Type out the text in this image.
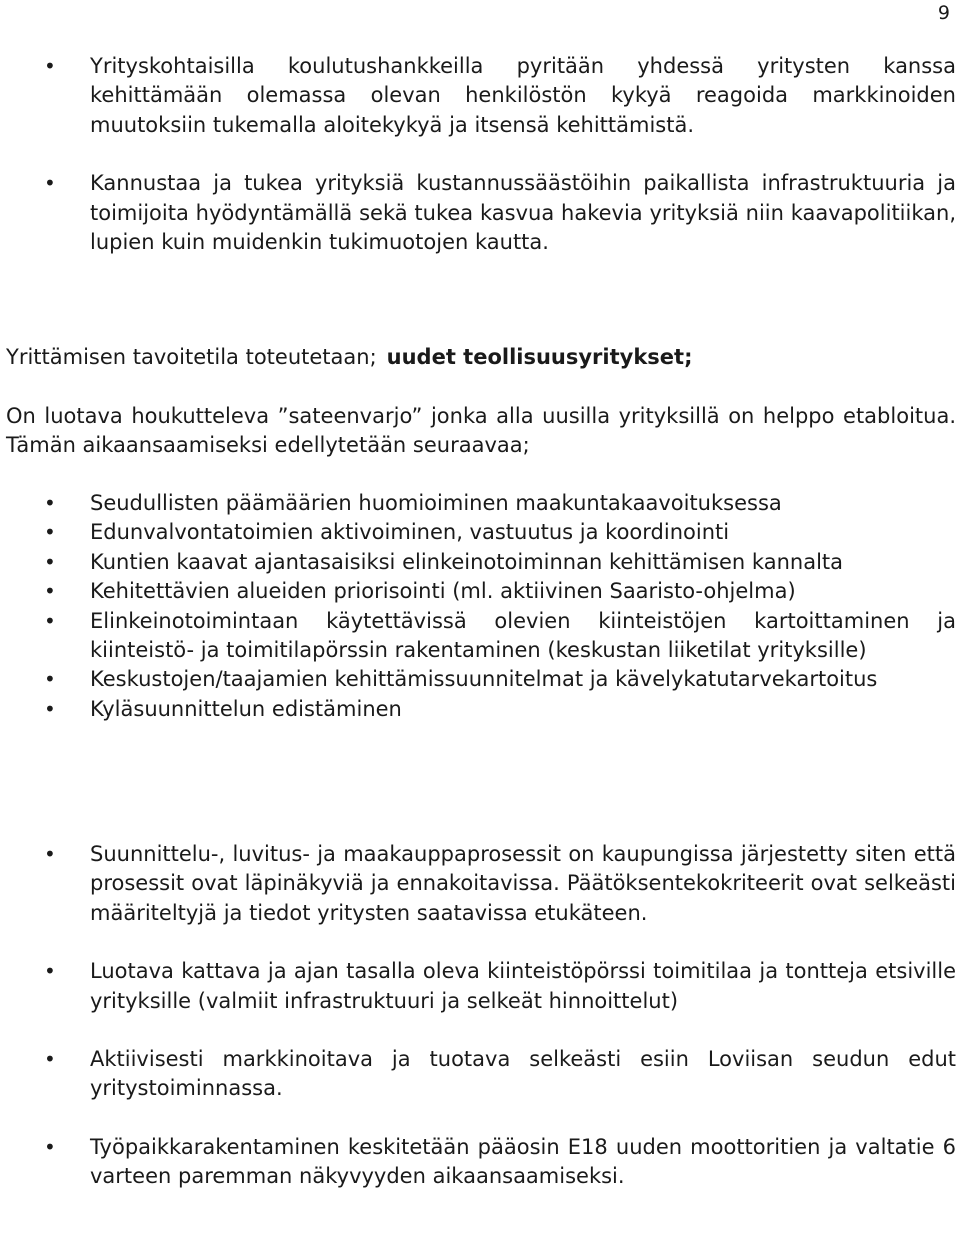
9
• Yrityskohtaisilla koulutushankkeilla pyritään yhdessä yritysten kanssa kehittämään olemassa olevan henkilöstön kykyä reagoida markkinoiden muutoksiin tukemalla aloitekykyä ja itsensä kehittämistä.
• Kannustaa ja tukea yrityksiä kustannussäästöihin paikallista infrastruktuuria ja toimijoita hyödyntämällä sekä tukea kasvua hakevia yrityksiä niin kaavapolitiikan, lupien kuin muidenkin tukimuotojen kautta.
Yrittämisen tavoitetila toteutetaan; uudet teollisuusyritykset;
On luotava houkutteleva ”sateenvarjo” jonka alla uusilla yrityksillä on helppo etabloitua. Tämän aikaansaamiseksi edellytetään seuraavaa;
• Seudullisten päämäärien huomioiminen maakuntakaavoituksessa
• Edunvalvontatoimien aktivoiminen, vastuutus ja koordinointi
• Kuntien kaavat ajantasaisiksi elinkeinotoiminnan kehittämisen kannalta
• Kehitettävien alueiden priorisointi (ml. aktiivinen Saaristo-ohjelma)
• Elinkeinotoimintaan käytettävissä olevien kiinteistöjen kartoittaminen ja kiinteistö- ja toimitilapörssin rakentaminen (keskustan liiketilat yrityksille)
• Keskustojen/taajamien kehittämissuunnitelmat ja kävelykatutarvekartoitus
• Kyläsuunnittelun edistäminen
• Suunnittelu-, luvitus- ja maakauppaprosessit on kaupungissa järjestetty siten että prosessit ovat läpinäkyviä ja ennakoitavissa. Päätöksentekokriteerit ovat selkeästi määriteltyjä ja tiedot yritysten saatavissa etukäteen.
• Luotava kattava ja ajan tasalla oleva kiinteistöpörssi toimitilaa ja tontteja etsiville yrityksille (valmiit infrastruktuuri ja selkeät hinnoittelut)
• Aktiivisesti markkinoitava ja tuotava selkeästi esiin Loviisan seudun edut yritystoiminnassa.
• Työpaikkarakentaminen keskitetään pääosin E18 uuden moottoritien ja valtatie 6 varteen paremman näkyvyyden aikaansaamiseksi.
